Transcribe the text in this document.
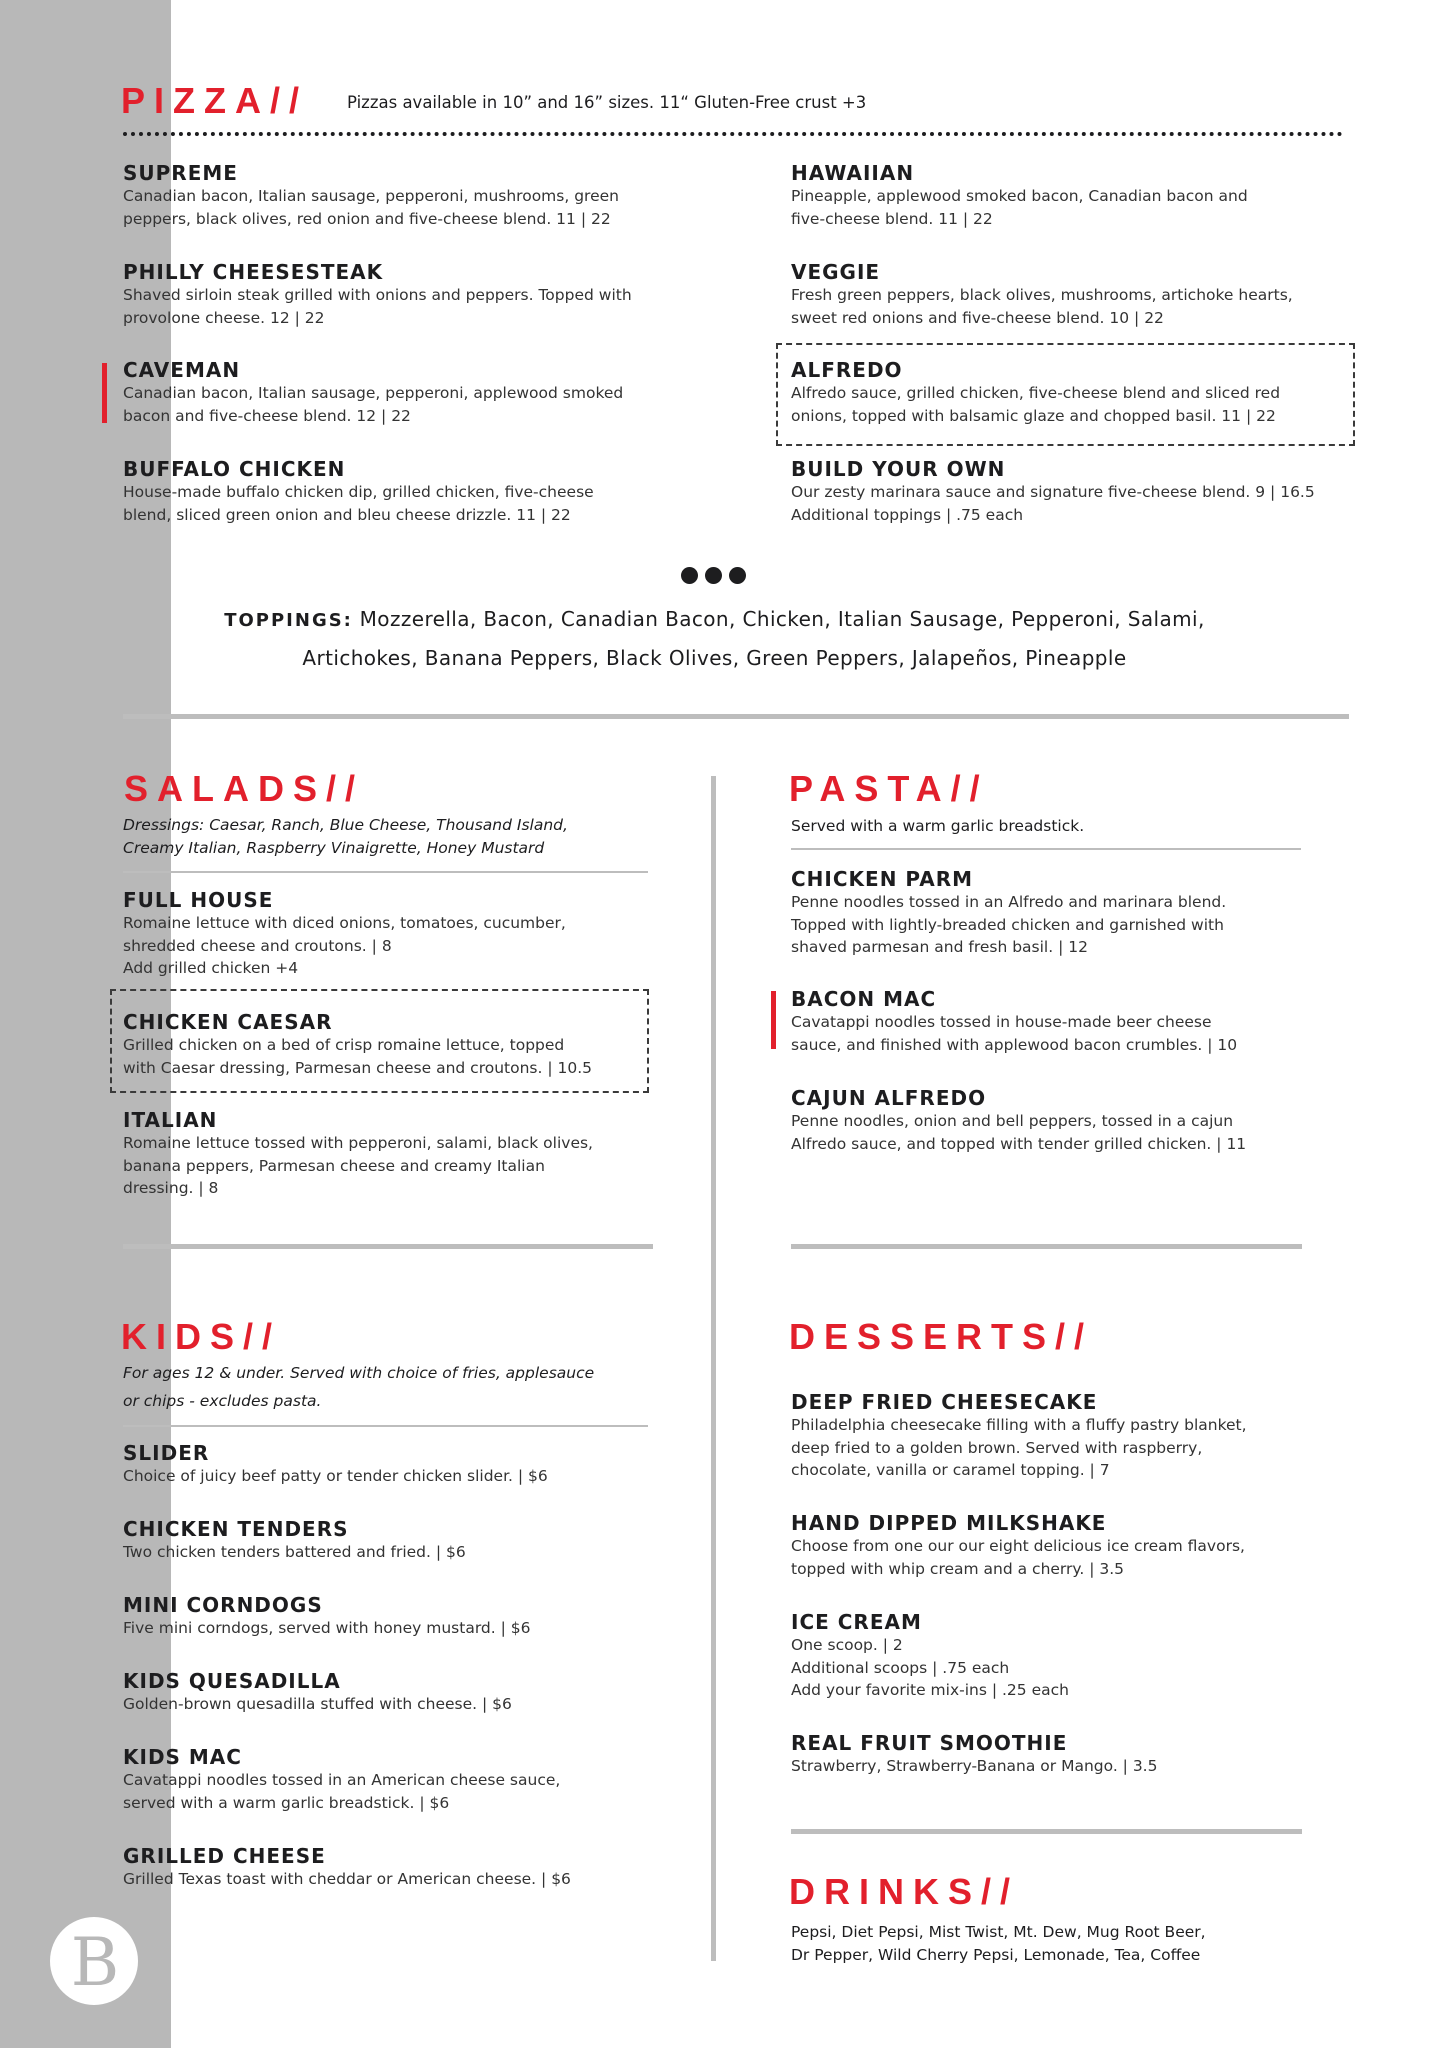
B
PIZZA// Pizzas available in 10” and 16” sizes. 11“ Gluten-Free crust +3
SUPREME
Canadian bacon, Italian sausage, pepperoni, mushrooms, green
peppers, black olives, red onion and five-cheese blend. 11 | 22
PHILLY CHEESESTEAK
Shaved sirloin steak grilled with onions and peppers. Topped with
provolone cheese. 12 | 22
CAVEMAN
Canadian bacon, Italian sausage, pepperoni, applewood smoked
bacon and five-cheese blend. 12 | 22
BUFFALO CHICKEN
House-made buffalo chicken dip, grilled chicken, five-cheese
blend, sliced green onion and bleu cheese drizzle. 11 | 22
HAWAIIAN
Pineapple, applewood smoked bacon, Canadian bacon and
five-cheese blend. 11 | 22
VEGGIE
Fresh green peppers, black olives, mushrooms, artichoke hearts,
sweet red onions and five-cheese blend. 10 | 22
ALFREDO
Alfredo sauce, grilled chicken, five-cheese blend and sliced red
onions, topped with balsamic glaze and chopped basil. 11 | 22
BUILD YOUR OWN
Our zesty marinara sauce and signature five-cheese blend. 9 | 16.5
Additional toppings | .75 each
TOPPINGS: Mozzerella, Bacon, Canadian Bacon, Chicken, Italian Sausage, Pepperoni, Salami,
Artichokes, Banana Peppers, Black Olives, Green Peppers, Jalapeños, Pineapple
SALADS//
Dressings: Caesar, Ranch, Blue Cheese, Thousand Island,
Creamy Italian, Raspberry Vinaigrette, Honey Mustard
FULL HOUSE
Romaine lettuce with diced onions, tomatoes, cucumber,
shredded cheese and croutons. | 8
Add grilled chicken +4
CHICKEN CAESAR
Grilled chicken on a bed of crisp romaine lettuce, topped
with Caesar dressing, Parmesan cheese and croutons. | 10.5
ITALIAN
Romaine lettuce tossed with pepperoni, salami, black olives,
banana peppers, Parmesan cheese and creamy Italian
dressing. | 8
PASTA//
Served with a warm garlic breadstick.
CHICKEN PARM
Penne noodles tossed in an Alfredo and marinara blend.
Topped with lightly-breaded chicken and garnished with
shaved parmesan and fresh basil. | 12
BACON MAC
Cavatappi noodles tossed in house-made beer cheese
sauce, and finished with applewood bacon crumbles. | 10
CAJUN ALFREDO
Penne noodles, onion and bell peppers, tossed in a cajun
Alfredo sauce, and topped with tender grilled chicken. | 11
KIDS//
For ages 12 & under. Served with choice of fries, applesauce
or chips - excludes pasta.
SLIDER
Choice of juicy beef patty or tender chicken slider. | $6
CHICKEN TENDERS
Two chicken tenders battered and fried. | $6
MINI CORNDOGS
Five mini corndogs, served with honey mustard. | $6
KIDS QUESADILLA
Golden-brown quesadilla stuffed with cheese. | $6
KIDS MAC
Cavatappi noodles tossed in an American cheese sauce,
served with a warm garlic breadstick. | $6
GRILLED CHEESE
Grilled Texas toast with cheddar or American cheese. | $6
DESSERTS//
DEEP FRIED CHEESECAKE
Philadelphia cheesecake filling with a fluffy pastry blanket,
deep fried to a golden brown. Served with raspberry,
chocolate, vanilla or caramel topping. | 7
HAND DIPPED MILKSHAKE
Choose from one our our eight delicious ice cream flavors,
topped with whip cream and a cherry. | 3.5
ICE CREAM
One scoop. | 2
Additional scoops | .75 each
Add your favorite mix-ins | .25 each
REAL FRUIT SMOOTHIE
Strawberry, Strawberry-Banana or Mango. | 3.5
DRINKS//
Pepsi, Diet Pepsi, Mist Twist, Mt. Dew, Mug Root Beer,
Dr Pepper, Wild Cherry Pepsi, Lemonade, Tea, Coffee
